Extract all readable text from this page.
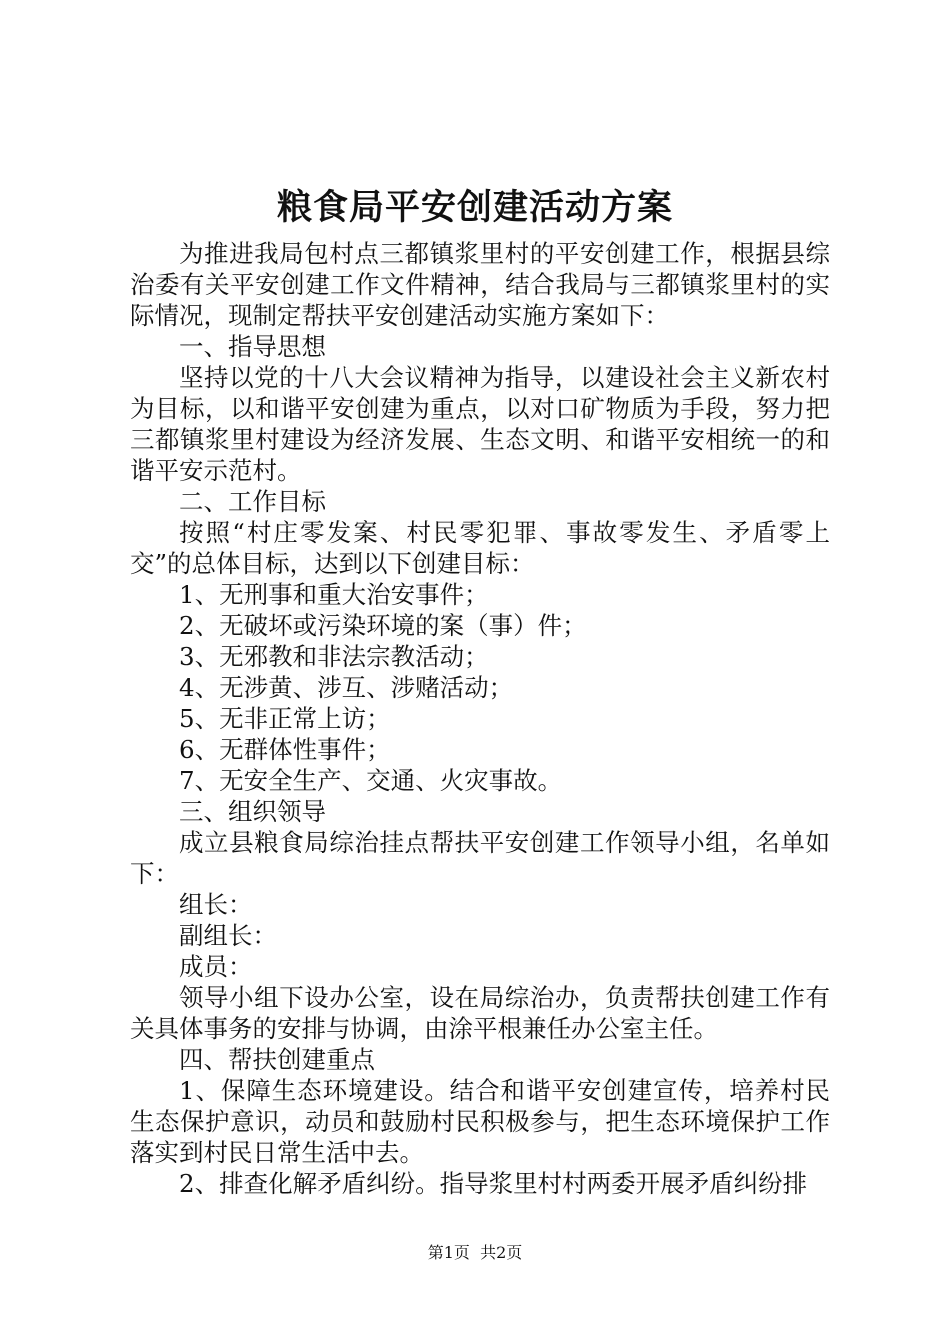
粮食局平安创建活动方案

为推进我局包村点三都镇浆里村的平安创建工作，根据县综治委有关平安创建工作文件精神，结合我局与三都镇浆里村的实际情况，现制定帮扶平安创建活动实施方案如下：

一、指导思想

坚持以党的十八大会议精神为指导，以建设社会主义新农村为目标，以和谐平安创建为重点，以对口矿物质为手段，努力把三都镇浆里村建设为经济发展、生态文明、和谐平安相统一的和谐平安示范村。

二、工作目标

按照“村庄零发案、村民零犯罪、事故零发生、矛盾零上交”的总体目标，达到以下创建目标：

1、无刑事和重大治安事件；

2、无破坏或污染环境的案（事）件；

3、无邪教和非法宗教活动；

4、无涉黄、涉互、涉赌活动；

5、无非正常上访；

6、无群体性事件；

7、无安全生产、交通、火灾事故。

三、组织领导

成立县粮食局综治挂点帮扶平安创建工作领导小组，名单如下：

组长：

副组长：

成员：

领导小组下设办公室，设在局综治办，负责帮扶创建工作有关具体事务的安排与协调，由涂平根兼任办公室主任。

四、帮扶创建重点

1、保障生态环境建设。结合和谐平安创建宣传，培养村民生态保护意识，动员和鼓励村民积极参与，把生态环境保护工作落实到村民日常生活中去。

2、排查化解矛盾纠纷。指导浆里村村两委开展矛盾纠纷排

第1页 共2页
